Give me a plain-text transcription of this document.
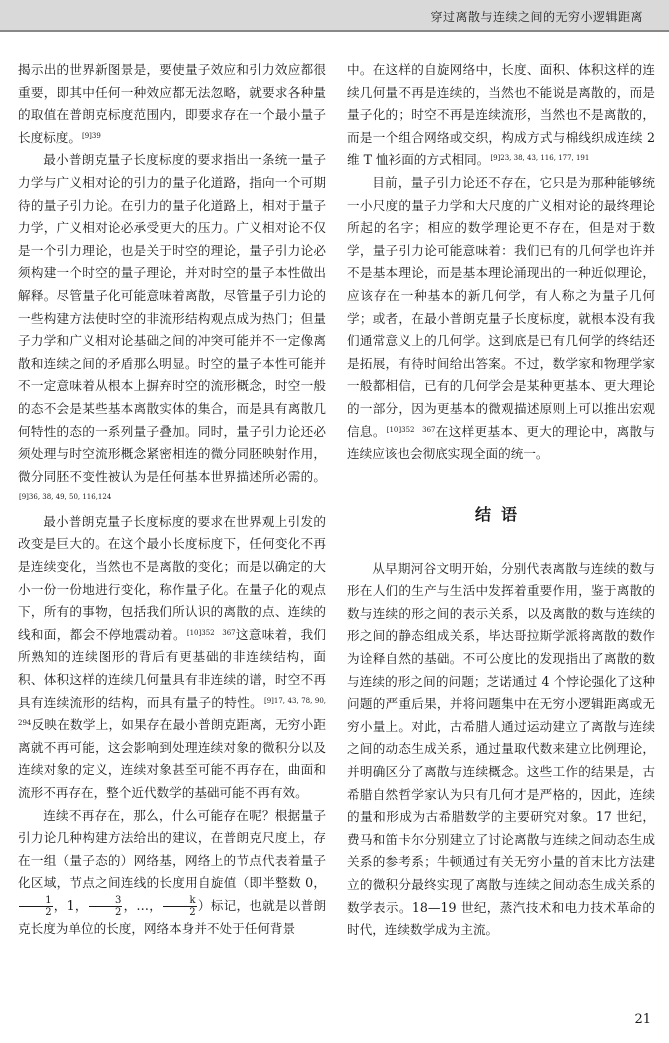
穿过离散与连续之间的无穷小逻辑距离

揭示出的世界新图景是，要使量子效应和引力效应都很重要，即其中任何一种效应都无法忽略，就要求各种量的取值在普朗克标度范围内，即要求存在一个最小量子长度标度。$^{[9]39}$

最小普朗克量子长度标度的要求指出一条统一量子力学与广义相对论的引力的量子化道路，指向一个可期待的量子引力论。在引力的量子化道路上，相对于量子力学，广义相对论必承受更大的压力。广义相对论不仅是一个引力理论，也是关于时空的理论，量子引力论必须构建一个时空的量子理论，并对时空的量子本性做出解释。尽管量子化可能意味着离散，尽管量子引力论的一些构建方法使时空的非流形结构观点成为热门；但量子力学和广义相对论基础之间的冲突可能并不一定像离散和连续之间的矛盾那么明显。时空的量子本性可能并不一定意味着从根本上摒弃时空的流形概念，时空一般的态不会是某些基本离散实体的集合，而是具有离散几何特性的态的一系列量子叠加。同时，量子引力论还必须处理与时空流形概念紧密相连的微分同胚映射作用，微分同胚不变性被认为是任何基本世界描述所必需的。$^{[9]36, 38, 49, 50, 116,124}$

最小普朗克量子长度标度的要求在世界观上引发的改变是巨大的。在这个最小长度标度下，任何变化不再是连续变化，当然也不是离散的变化；而是以确定的大小一份一份地进行变化，称作量子化。在量子化的观点下，所有的事物，包括我们所认识的离散的点、连续的线和面，都会不停地震动着。$^{[10]352 367}$这意味着，我们所熟知的连续图形的背后有更基础的非连续结构，面积、体积这样的连续几何量具有非连续的谱，时空不再具有连续流形的结构，而具有量子的特性。$^{[9]17, 43, 78, 90, 294}$反映在数学上，如果存在最小普朗克距离，无穷小距离就不再可能，这会影响到处理连续对象的微积分以及连续对象的定义，连续对象甚至可能不再存在，曲面和流形不再存在，整个近代数学的基础可能不再有效。

连续不再存在，那么，什么可能存在呢？根据量子引力论几种构建方法给出的建议，在普朗克尺度上，存在一组（量子态的）网络基，网络上的节点代表着量子化区域，节点之间连线的长度用自旋值（即半整数 0，
$\frac{1}{2}$ ，1， $\frac{3}{2}$ ，…， $\frac{k}{2}$ ）标记，也就是以普朗克长度为单位的长度，网络本身并不处于任何背景

中。在这样的自旋网络中，长度、面积、体积这样的连续几何量不再是连续的，当然也不能说是离散的，而是量子化的；时空不再是连续流形，当然也不是离散的，而是一个组合网络或交织，构成方式与棉线织成连续 2 维 T 恤衫面的方式相同。$^{[9]23, 38, 43, 116, 177, 191}$

目前，量子引力论还不存在，它只是为那种能够统一小尺度的量子力学和大尺度的广义相对论的最终理论所起的名字；相应的数学理论更不存在，但是对于数学，量子引力论可能意味着：我们已有的几何学也许并不是基本理论，而是基本理论涌现出的一种近似理论，应该存在一种基本的新几何学，有人称之为量子几何学；或者，在最小普朗克量子长度标度，就根本没有我们通常意义上的几何学。这到底是已有几何学的终结还是拓展，有待时间给出答案。不过，数学家和物理学家一般都相信，已有的几何学会是某种更基本、更大理论的一部分，因为更基本的微观描述原则上可以推出宏观信息。$^{[10]352 367}$在这样更基本、更大的理论中，离散与连续应该也会彻底实现全面的统一。

结语

从早期河谷文明开始，分别代表离散与连续的数与形在人们的生产与生活中发挥着重要作用，鉴于离散的数与连续的形之间的表示关系，以及离散的数与连续的形之间的静态组成关系，毕达哥拉斯学派将离散的数作为诠释自然的基础。不可公度比的发现指出了离散的数与连续的形之间的问题；芝诺通过 4 个悖论强化了这种问题的严重后果，并将问题集中在无穷小逻辑距离或无穷小量上。对此，古希腊人通过运动建立了离散与连续之间的动态生成关系，通过量取代数来建立比例理论，并明确区分了离散与连续概念。这些工作的结果是，古希腊自然哲学家认为只有几何才是严格的，因此，连续的量和形成为古希腊数学的主要研究对象。17 世纪，费马和笛卡尔分别建立了讨论离散与连续之间动态生成关系的参考系；牛顿通过有关无穷小量的首末比方法建立的微积分最终实现了离散与连续之间动态生成关系的数学表示。18—19 世纪，蒸汽技术和电力技术革命的时代，连续数学成为主流。

21
